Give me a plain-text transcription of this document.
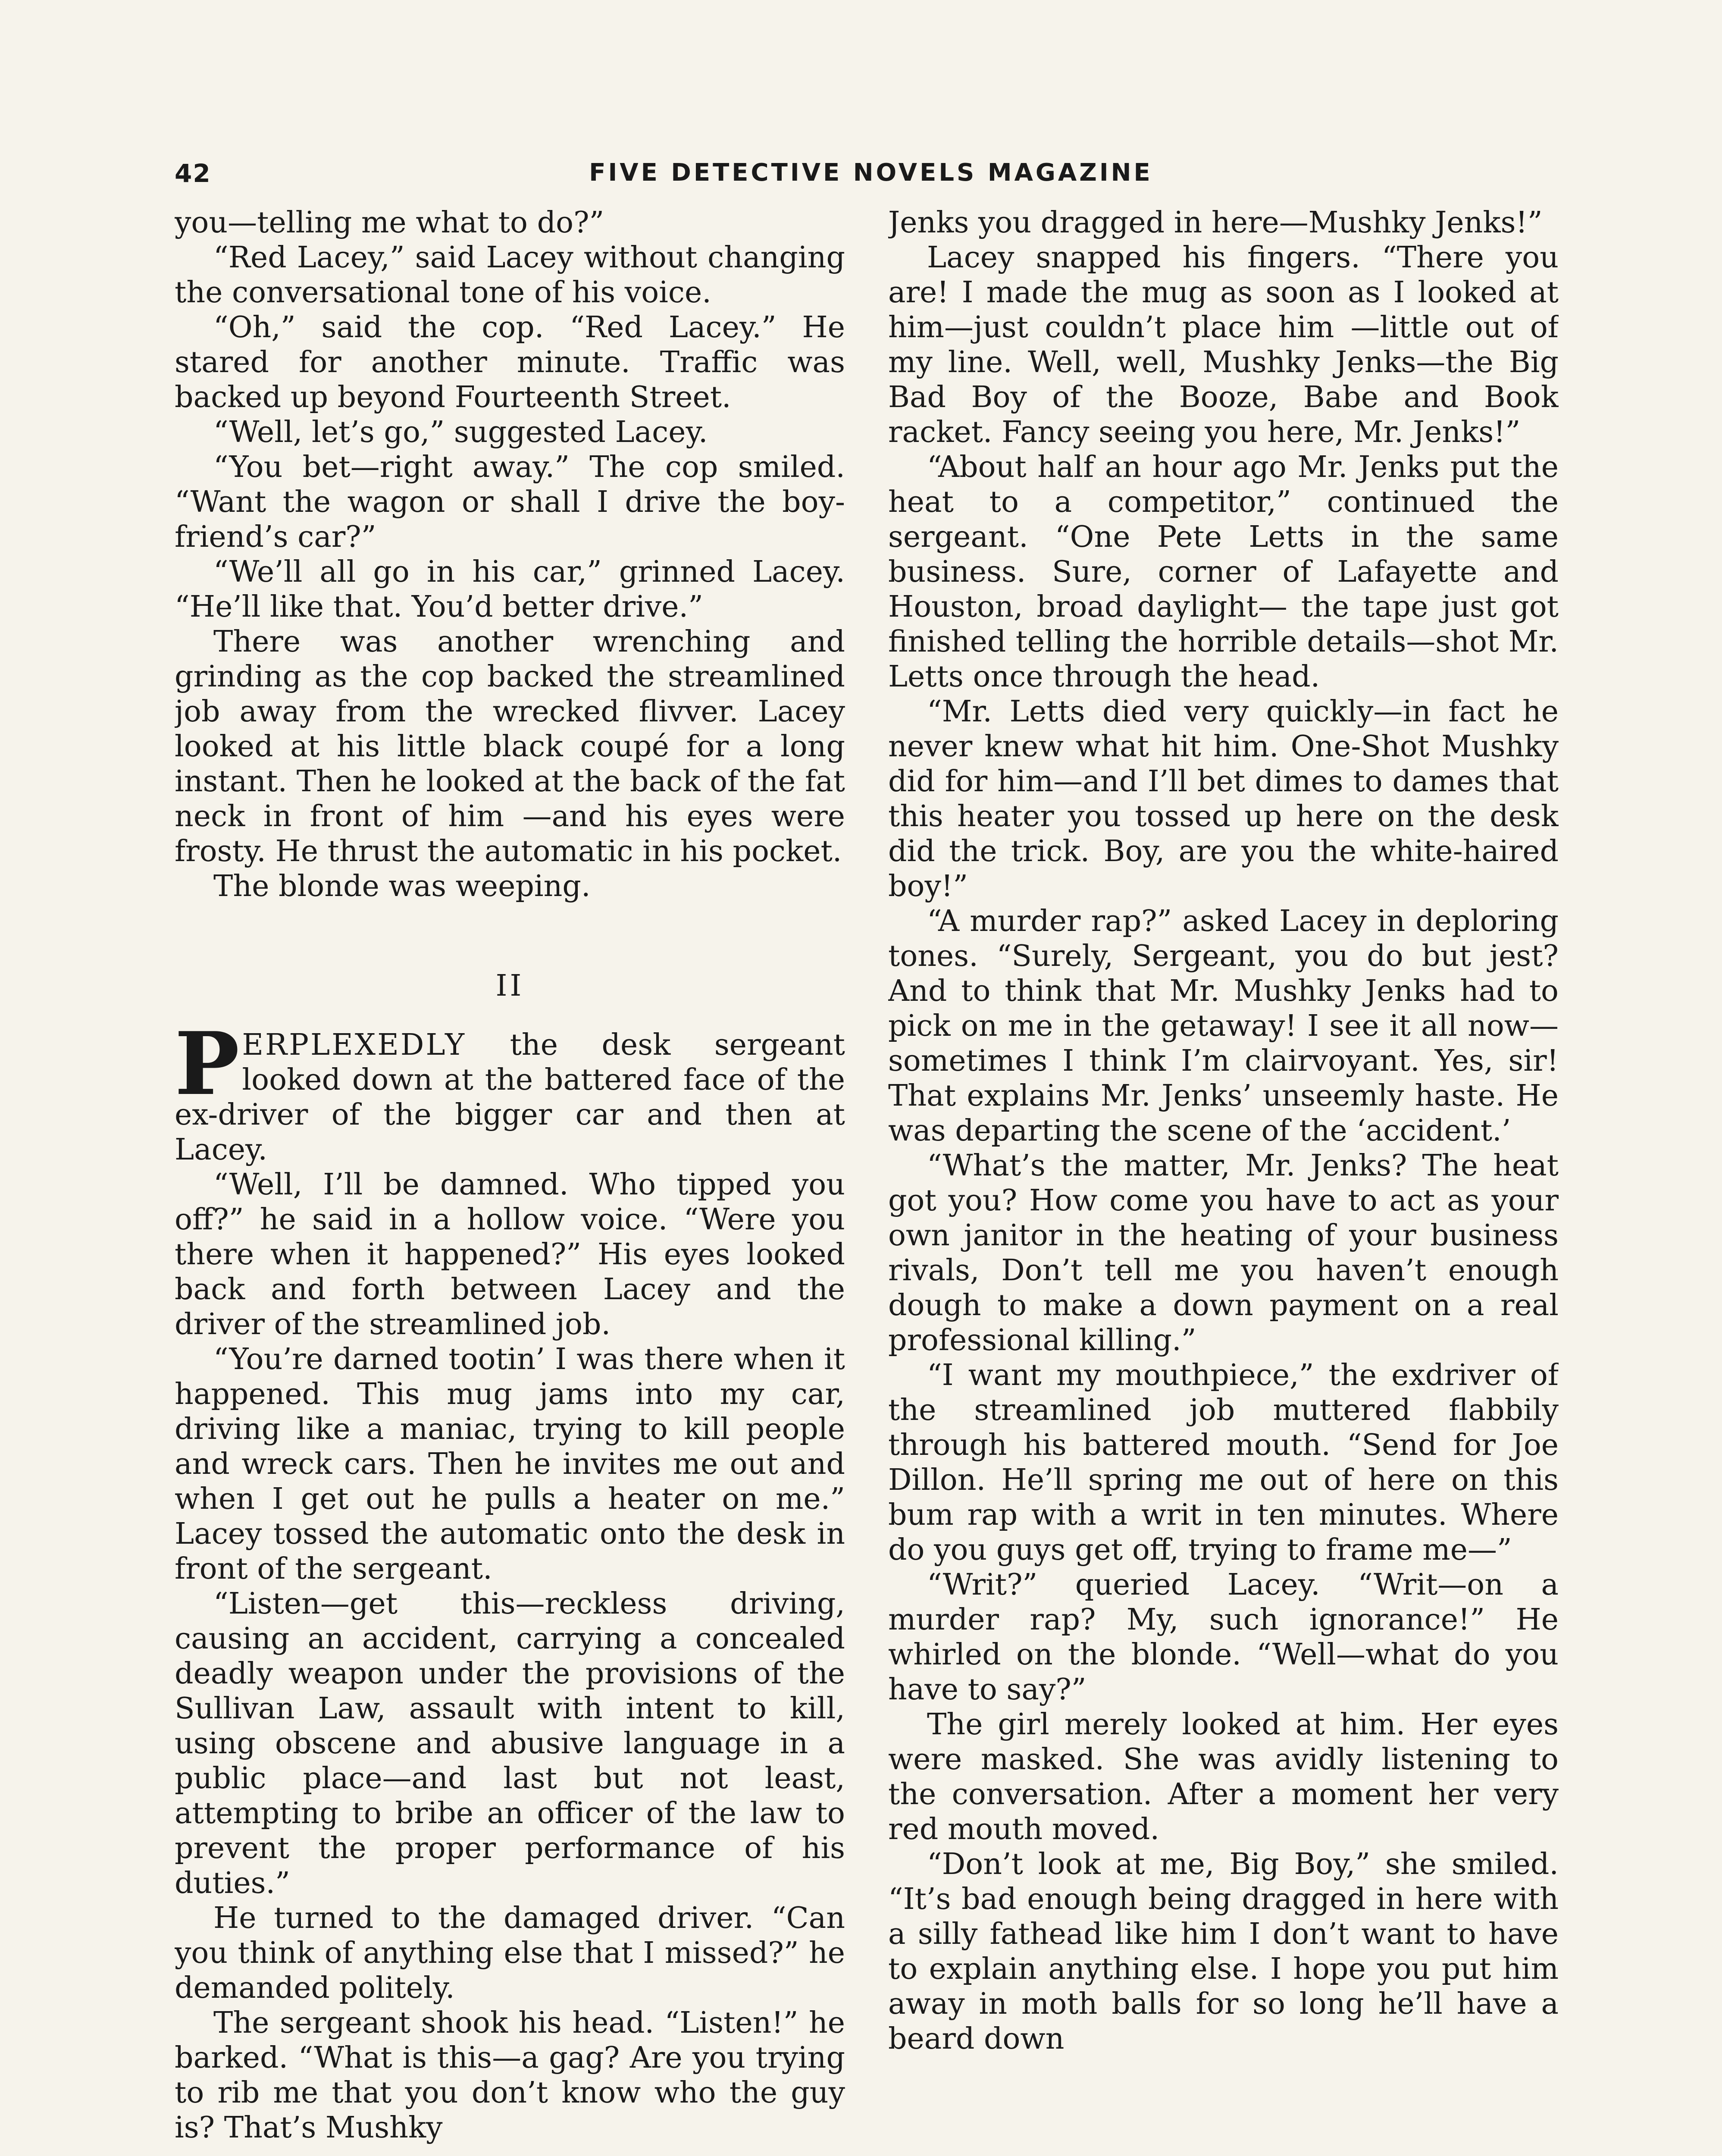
42	FIVE DETECTIVE NOVELS MAGAZINE

you—telling me what to do?”

“Red Lacey,” said Lacey without changing the conversational tone of his voice.

“Oh,” said the cop. “Red Lacey.” He stared for another minute. Traffic was backed up beyond Fourteenth Street.

“Well, let’s go,” suggested Lacey.

“You bet—right away.” The cop smiled. “Want the wagon or shall I drive the boy-friend’s car?”

“We’ll all go in his car,” grinned Lacey. “He’ll like that. You’d better drive.”

There was another wrenching and grinding as the cop backed the streamlined job away from the wrecked flivver. Lacey looked at his little black coupé for a long instant. Then he looked at the back of the fat neck in front of him —and his eyes were frosty. He thrust the automatic in his pocket.

The blonde was weeping.

II

PERPLEXEDLY the desk sergeant looked down at the battered face of the ex-driver of the bigger car and then at Lacey.

“Well, I’ll be damned. Who tipped you off?” he said in a hollow voice. “Were you there when it happened?” His eyes looked back and forth between Lacey and the driver of the streamlined job.

“You’re darned tootin’ I was there when it happened. This mug jams into my car, driving like a maniac, trying to kill people and wreck cars. Then he invites me out and when I get out he pulls a heater on me.” Lacey tossed the automatic onto the desk in front of the sergeant.

“Listen—get this—reckless driving, causing an accident, carrying a concealed deadly weapon under the provisions of the Sullivan Law, assault with intent to kill, using obscene and abusive language in a public place—and last but not least, attempting to bribe an officer of the law to prevent the proper performance of his duties.”

He turned to the damaged driver. “Can you think of anything else that I missed?” he demanded politely.

The sergeant shook his head. “Listen!” he barked. “What is this—a gag? Are you trying to rib me that you don’t know who the guy is? That’s Mushky

Jenks you dragged in here—Mushky Jenks!”

Lacey snapped his fingers. “There you are! I made the mug as soon as I looked at him—just couldn’t place him —little out of my line. Well, well, Mushky Jenks—the Big Bad Boy of the Booze, Babe and Book racket. Fancy seeing you here, Mr. Jenks!”

“About half an hour ago Mr. Jenks put the heat to a competitor,” continued the sergeant. “One Pete Letts in the same business. Sure, corner of Lafayette and Houston, broad daylight— the tape just got finished telling the horrible details—shot Mr. Letts once through the head.

“Mr. Letts died very quickly—in fact he never knew what hit him. One-Shot Mushky did for him—and I’ll bet dimes to dames that this heater you tossed up here on the desk did the trick. Boy, are you the white-haired boy!”

“A murder rap?” asked Lacey in deploring tones. “Surely, Sergeant, you do but jest? And to think that Mr. Mushky Jenks had to pick on me in the getaway! I see it all now—sometimes I think I’m clairvoyant. Yes, sir! That explains Mr. Jenks’ unseemly haste. He was departing the scene of the ‘accident.’

“What’s the matter, Mr. Jenks? The heat got you? How come you have to act as your own janitor in the heating of your business rivals, Don’t tell me you haven’t enough dough to make a down payment on a real professional killing.”

“I want my mouthpiece,” the exdriver of the streamlined job muttered flabbily through his battered mouth. “Send for Joe Dillon. He’ll spring me out of here on this bum rap with a writ in ten minutes. Where do you guys get off, trying to frame me—”

“Writ?” queried Lacey. “Writ—on a murder rap? My, such ignorance!” He whirled on the blonde. “Well—what do you have to say?”

The girl merely looked at him. Her eyes were masked. She was avidly listening to the conversation. After a moment her very red mouth moved.

“Don’t look at me, Big Boy,” she smiled. “It’s bad enough being dragged in here with a silly fathead like him I don’t want to have to explain anything else. I hope you put him away in moth balls for so long he’ll have a beard down
